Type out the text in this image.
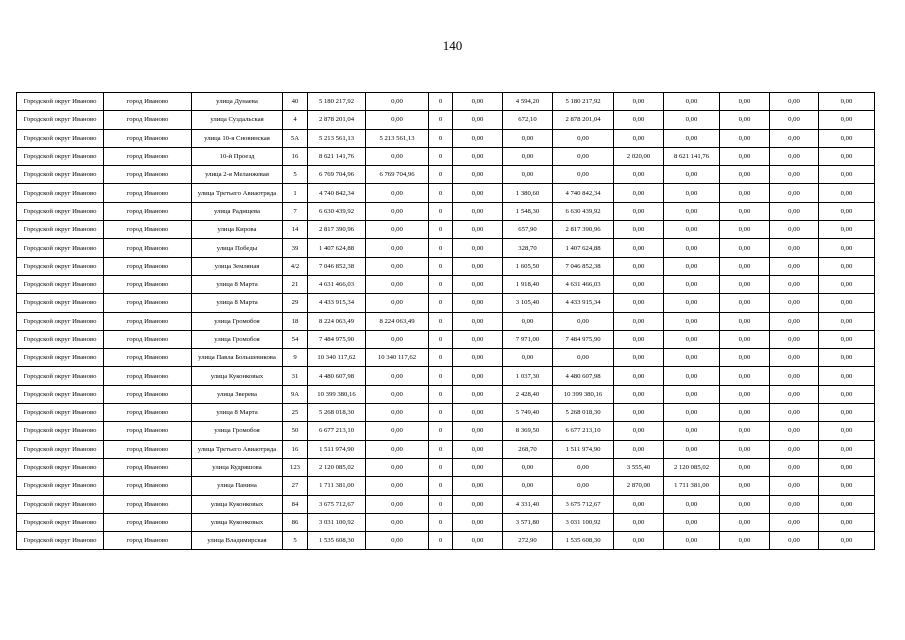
140
Городской округ Иваново	город Иваново	улица Дунаева	40	5 180 217,92	0,00	0	0,00	4 594,20	5 180 217,92	0,00	0,00	0,00	0,00	0,00
Городской округ Иваново	город Иваново	улица Суздальская	4	2 878 201,04	0,00	0	0,00	672,10	2 878 201,04	0,00	0,00	0,00	0,00	0,00
Городской округ Иваново	город Иваново	улица 10-я Сновинская	5А	5 213 561,13	5 213 561,13	0	0,00	0,00	0,00	0,00	0,00	0,00	0,00	0,00
Городской округ Иваново	город Иваново	10-й Проезд	16	8 621 141,76	0,00	0	0,00	0,00	0,00	2 020,00	8 621 141,76	0,00	0,00	0,00
Городской округ Иваново	город Иваново	улица 2-я Меланжевая	5	6 769 704,96	6 769 704,96	0	0,00	0,00	0,00	0,00	0,00	0,00	0,00	0,00
Городской округ Иваново	город Иваново	улица Третьего Авиаотряда	1	4 740 842,34	0,00	0	0,00	1 380,60	4 740 842,34	0,00	0,00	0,00	0,00	0,00
Городской округ Иваново	город Иваново	улица Радищева	7	6 630 439,92	0,00	0	0,00	1 548,30	6 630 439,92	0,00	0,00	0,00	0,00	0,00
Городской округ Иваново	город Иваново	улица Кирова	14	2 817 390,96	0,00	0	0,00	657,90	2 817 390,96	0,00	0,00	0,00	0,00	0,00
Городской округ Иваново	город Иваново	улица Победы	39	1 407 624,88	0,00	0	0,00	328,70	1 407 624,88	0,00	0,00	0,00	0,00	0,00
Городской округ Иваново	город Иваново	улица Земляная	4/2	7 046 852,38	0,00	0	0,00	1 605,50	7 046 852,38	0,00	0,00	0,00	0,00	0,00
Городской округ Иваново	город Иваново	улица 8 Марта	21	4 631 466,03	0,00	0	0,00	1 918,40	4 631 466,03	0,00	0,00	0,00	0,00	0,00
Городской округ Иваново	город Иваново	улица 8 Марта	29	4 433 915,34	0,00	0	0,00	3 105,40	4 433 915,34	0,00	0,00	0,00	0,00	0,00
Городской округ Иваново	город Иваново	улица Громобоя	18	8 224 063,49	8 224 063,49	0	0,00	0,00	0,00	0,00	0,00	0,00	0,00	0,00
Городской округ Иваново	город Иваново	улица Громобоя	54	7 484 975,90	0,00	0	0,00	7 971,00	7 484 975,90	0,00	0,00	0,00	0,00	0,00
Городской округ Иваново	город Иваново	улица Павла Большевикова	9	10 340 117,62	10 340 117,62	0	0,00	0,00	0,00	0,00	0,00	0,00	0,00	0,00
Городской округ Иваново	город Иваново	улица Куконковых	31	4 480 607,98	0,00	0	0,00	1 037,30	4 480 607,98	0,00	0,00	0,00	0,00	0,00
Городской округ Иваново	город Иваново	улица Зверева	9А	10 399 380,16	0,00	0	0,00	2 428,40	10 399 380,16	0,00	0,00	0,00	0,00	0,00
Городской округ Иваново	город Иваново	улица 8 Марта	25	5 268 018,30	0,00	0	0,00	5 749,40	5 268 018,30	0,00	0,00	0,00	0,00	0,00
Городской округ Иваново	город Иваново	улица Громобоя	50	6 677 213,10	0,00	0	0,00	8 369,50	6 677 213,10	0,00	0,00	0,00	0,00	0,00
Городской округ Иваново	город Иваново	улица Третьего Авиаотряда	16	1 511 974,90	0,00	0	0,00	268,70	1 511 974,90	0,00	0,00	0,00	0,00	0,00
Городской округ Иваново	город Иваново	улица Кудряшова	123	2 120 085,02	0,00	0	0,00	0,00	0,00	3 555,40	2 120 085,02	0,00	0,00	0,00
Городской округ Иваново	город Иваново	улица Панина	27	1 711 381,00	0,00	0	0,00	0,00	0,00	2 870,00	1 711 381,00	0,00	0,00	0,00
Городской округ Иваново	город Иваново	улица Куконковых	84	3 675 712,67	0,00	0	0,00	4 331,40	3 675 712,67	0,00	0,00	0,00	0,00	0,00
Городской округ Иваново	город Иваново	улица Куконковых	86	3 031 100,92	0,00	0	0,00	3 571,80	3 031 100,92	0,00	0,00	0,00	0,00	0,00
Городской округ Иваново	город Иваново	улица Владимирская	5	1 535 608,30	0,00	0	0,00	272,90	1 535 608,30	0,00	0,00	0,00	0,00	0,00
